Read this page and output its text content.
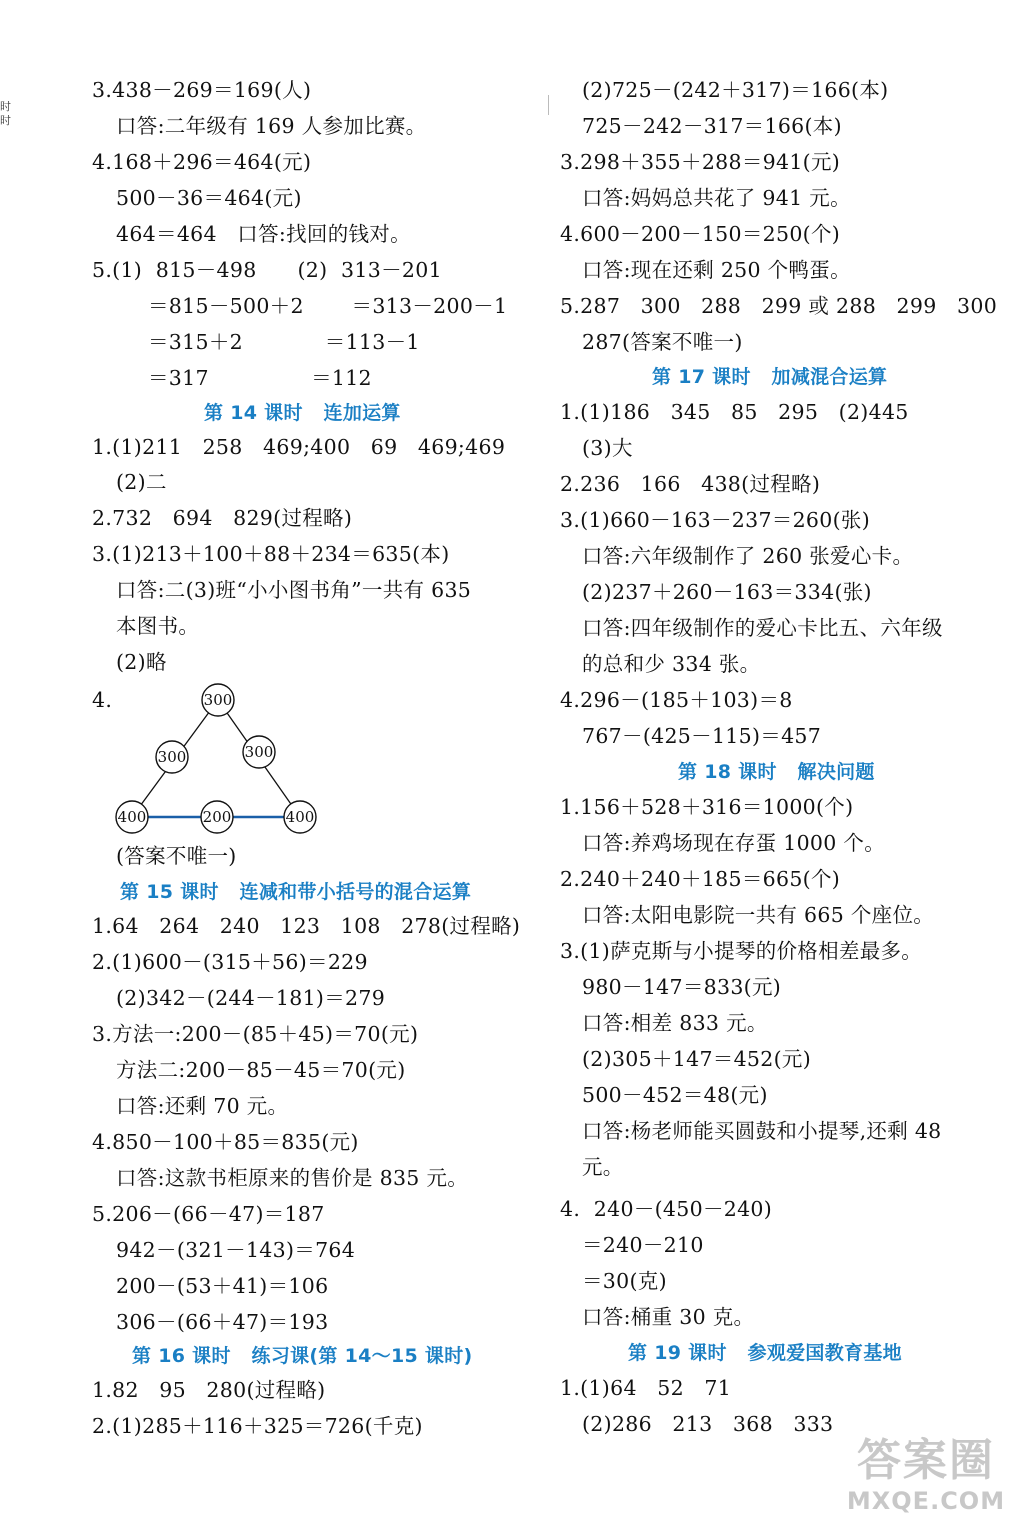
时
时
3.438－269＝169(人)
口答:二年级有 169 人参加比赛。
4.168＋296＝464(元)
500－36＝464(元)
464＝464   口答:找回的钱对。
5.(1)  815－498      (2)  313－201
＝815－500＋2       ＝313－200－1
＝315＋2            ＝113－1
＝317               ＝112
第 14 课时   连加运算
1.(1)211   258   469;400   69   469;469
(2)二
2.732   694   829(过程略)
3.(1)213＋100＋88＋234＝635(本)
口答:二(3)班“小小图书角”一共有 635
本图书。
(2)略
4.
(答案不唯一)
第 15 课时   连减和带小括号的混合运算
1.64   264   240   123   108   278(过程略)
2.(1)600－(315＋56)＝229
(2)342－(244－181)＝279
3.方法一:200－(85＋45)＝70(元)
方法二:200－85－45＝70(元)
口答:还剩 70 元。
4.850－100＋85＝835(元)
口答:这款书柜原来的售价是 835 元。
5.206－(66－47)＝187
942－(321－143)＝764
200－(53＋41)＝106
306－(66＋47)＝193
第 16 课时   练习课(第 14～15 课时)
1.82   95   280(过程略)
2.(1)285＋116＋325＝726(千克)
(2)725－(242＋317)＝166(本)
725－242－317＝166(本)
3.298＋355＋288＝941(元)
口答:妈妈总共花了 941 元。
4.600－200－150＝250(个)
口答:现在还剩 250 个鸭蛋。
5.287   300   288   299 或 288   299   300
287(答案不唯一)
第 17 课时   加减混合运算
1.(1)186   345   85   295   (2)445
(3)大
2.236   166   438(过程略)
3.(1)660－163－237＝260(张)
口答:六年级制作了 260 张爱心卡。
(2)237＋260－163＝334(张)
口答:四年级制作的爱心卡比五、六年级
的总和少 334 张。
4.296－(185＋103)＝8
767－(425－115)＝457
第 18 课时   解决问题
1.156＋528＋316＝1000(个)
口答:养鸡场现在存蛋 1000 个。
2.240＋240＋185＝665(个)
口答:太阳电影院一共有 665 个座位。
3.(1)萨克斯与小提琴的价格相差最多。
980－147＝833(元)
口答:相差 833 元。
(2)305＋147＝452(元)
500－452＝48(元)
口答:杨老师能买圆鼓和小提琴,还剩 48
元。
4.  240－(450－240)
＝240－210
＝30(克)
口答:桶重 30 克。
第 19 课时   参观爱国教育基地
1.(1)64   52   71
(2)286   213   368   333
300
300	300
400	200	400
答案圈
MXQE.COM
